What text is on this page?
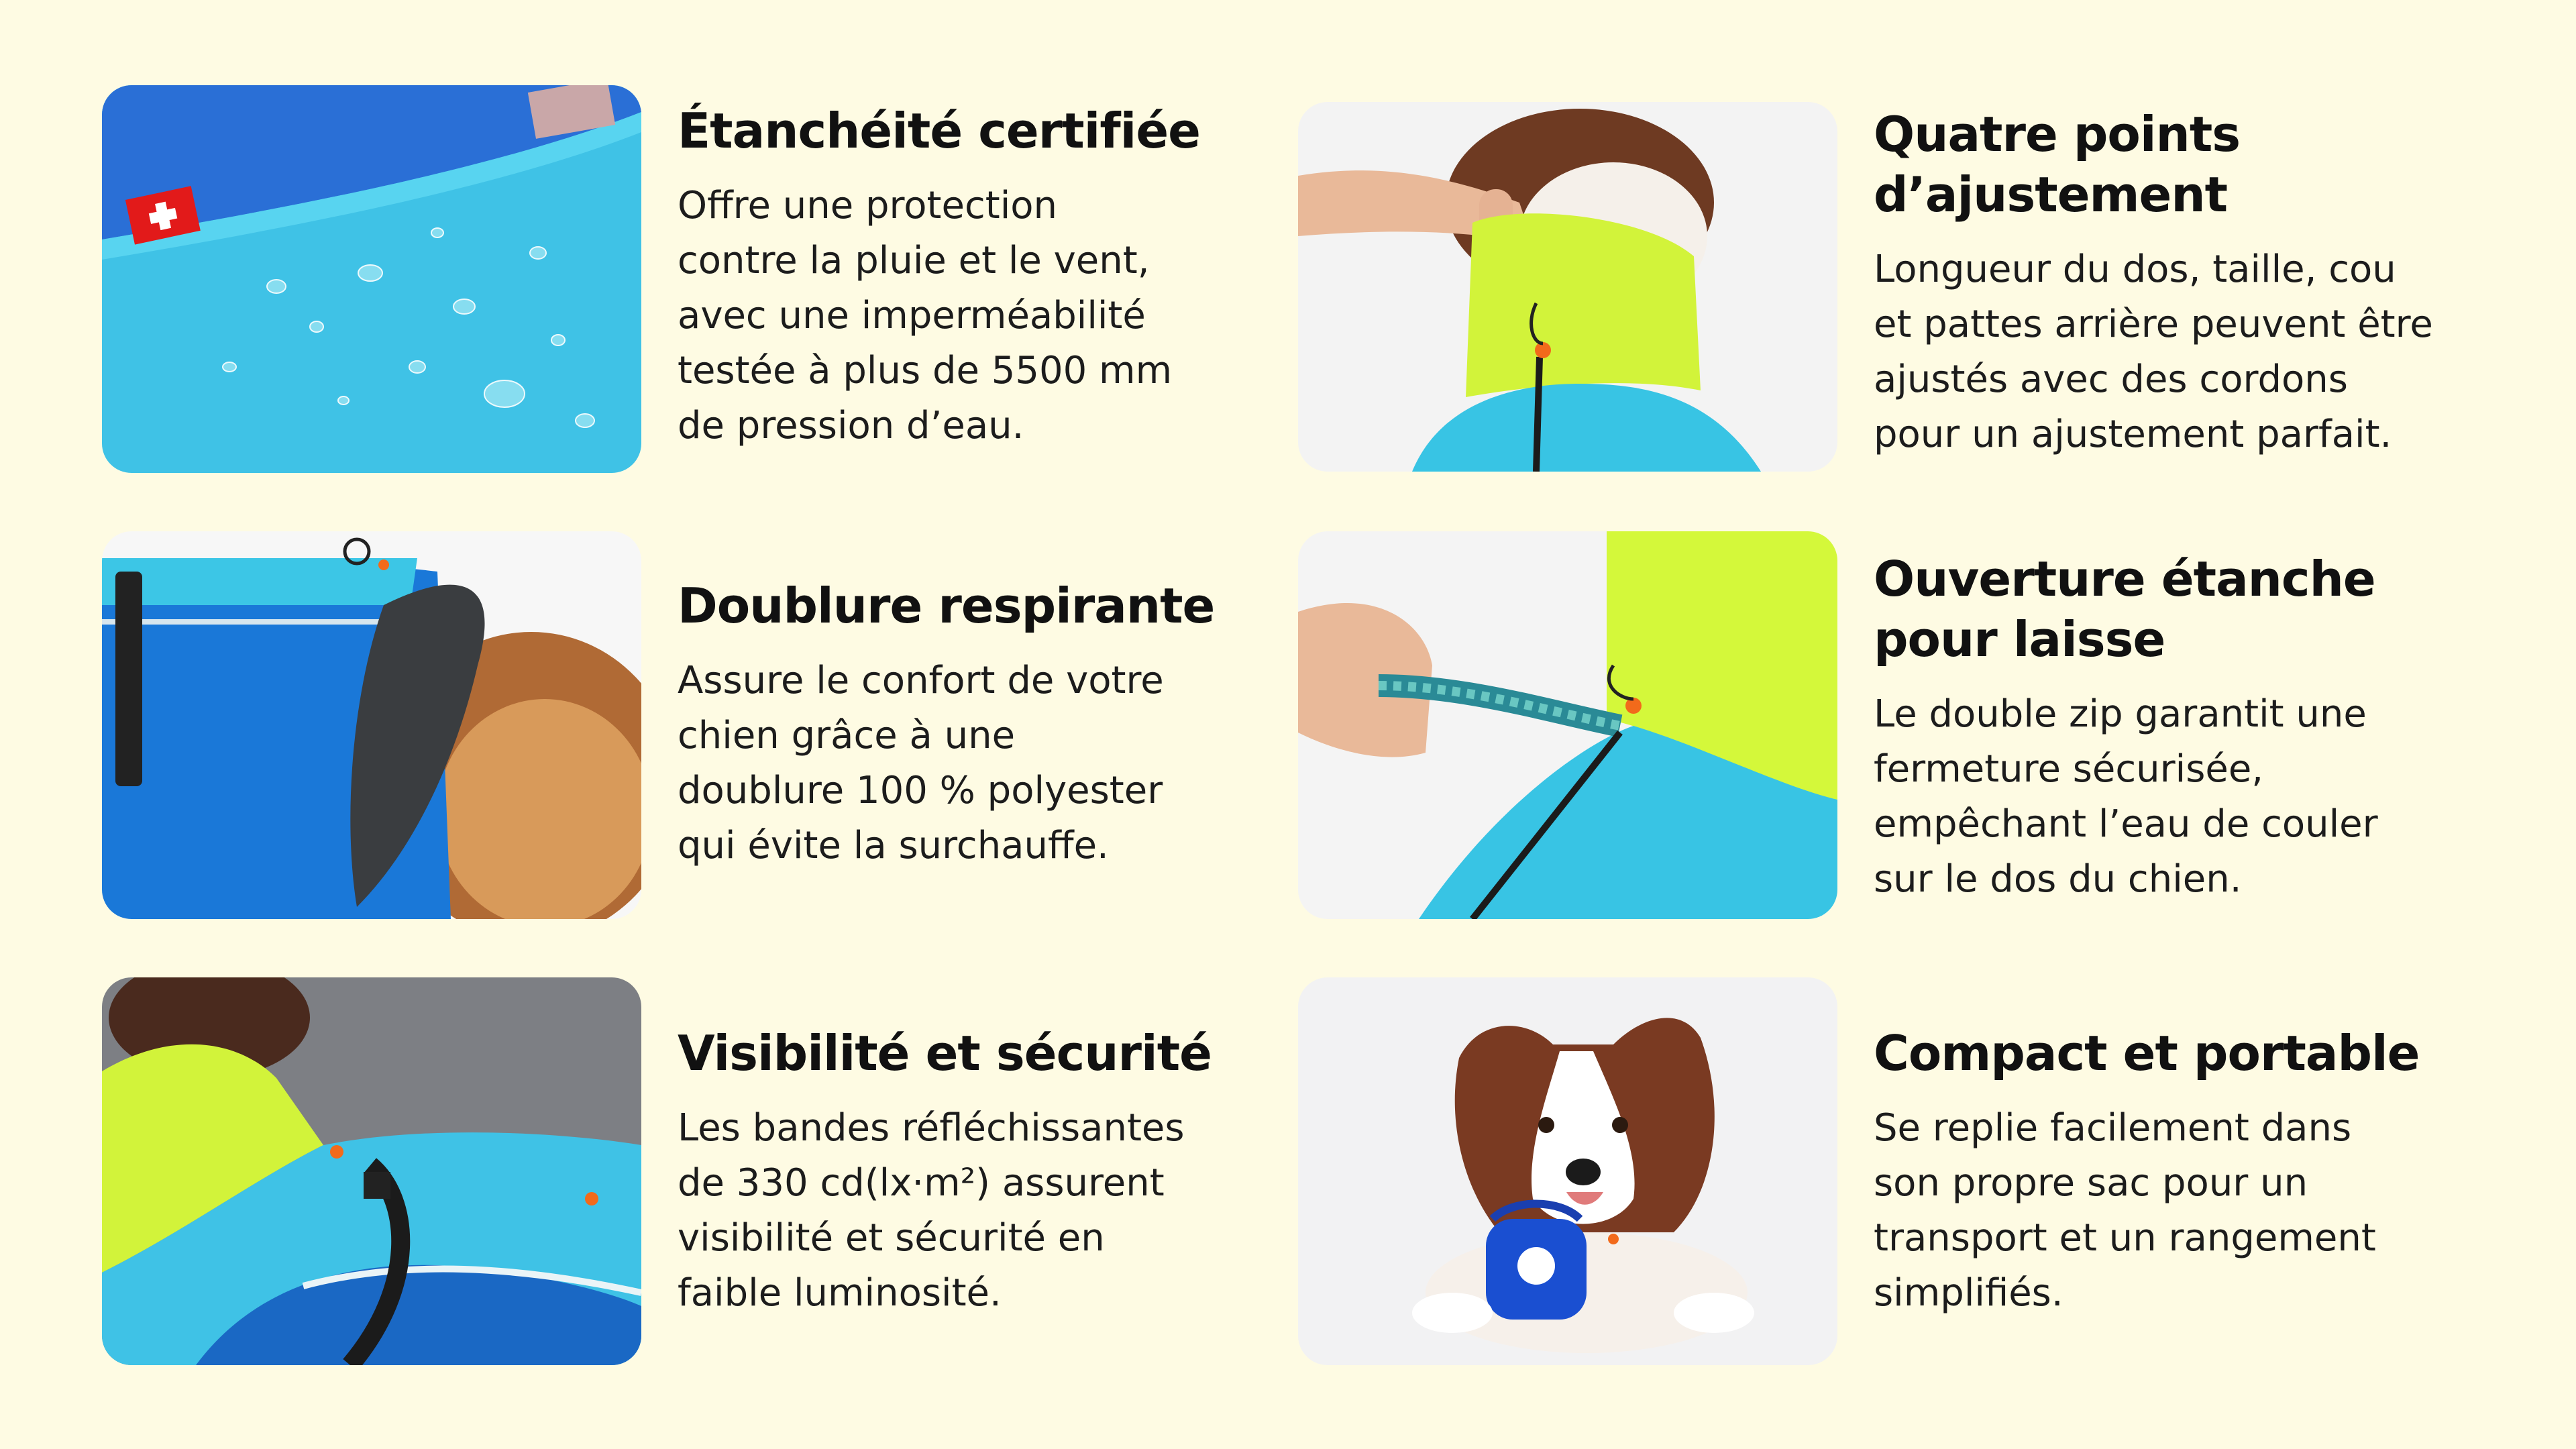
Étanchéité certifiée

Offre une protection
contre la pluie et le vent,
avec une imperméabilité
testée à plus de 5500 mm
de pression d’eau.

Quatre points
d’ajustement

Longueur du dos, taille, cou
et pattes arrière peuvent être
ajustés avec des cordons
pour un ajustement parfait.

Doublure respirante

Assure le confort de votre
chien grâce à une
doublure 100 % polyester
qui évite la surchauffe.

Ouverture étanche
pour laisse

Le double zip garantit une
fermeture sécurisée,
empêchant l’eau de couler
sur le dos du chien.

Visibilité et sécurité

Les bandes réfléchissantes
de 330 cd(lx·m²) assurent
visibilité et sécurité en
faible luminosité.

Compact et portable

Se replie facilement dans
son propre sac pour un
transport et un rangement
simplifiés.
